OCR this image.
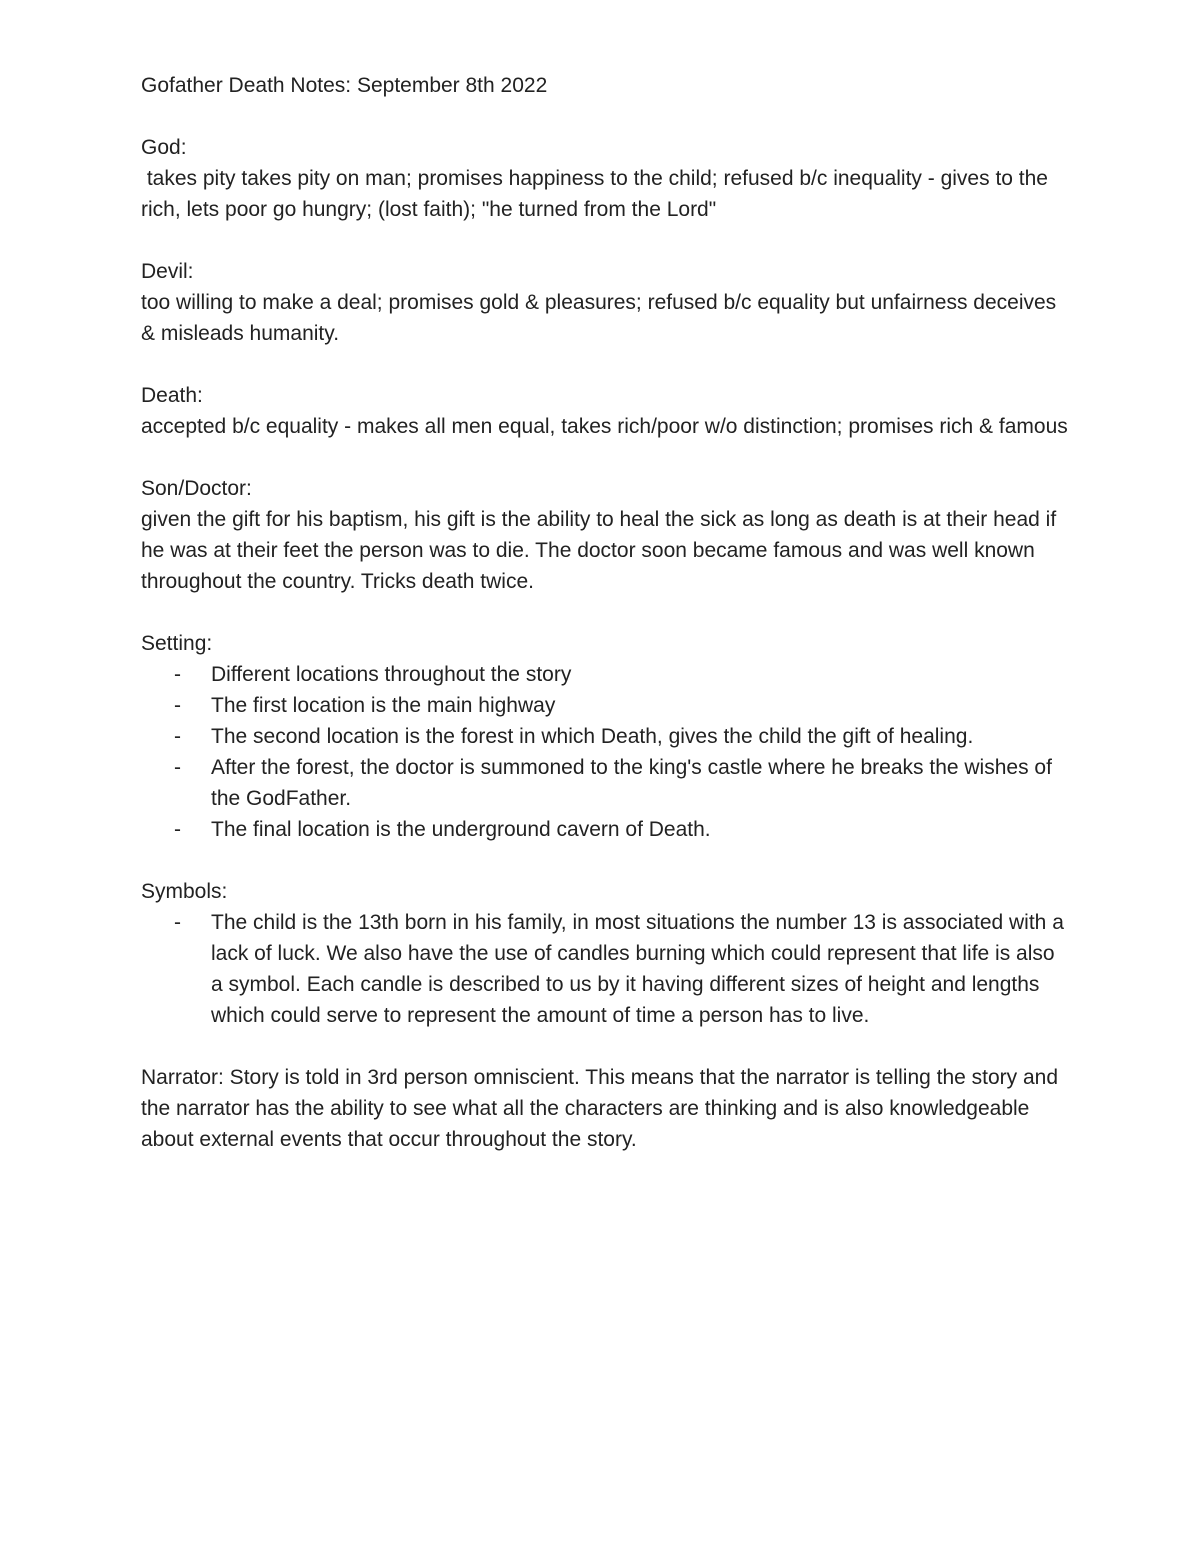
Gofather Death Notes: September 8th 2022
God:
takes pity takes pity on man; promises happiness to the child; refused b/c inequality - gives to the rich, lets poor go hungry; (lost faith); "he turned from the Lord"
Devil:
too willing to make a deal; promises gold & pleasures; refused b/c equality but unfairness deceives & misleads humanity.
Death:
accepted b/c equality - makes all men equal, takes rich/poor w/o distinction; promises rich & famous
Son/Doctor:
given the gift for his baptism, his gift is the ability to heal the sick as long as death is at their head if he was at their feet the person was to die. The doctor soon became famous and was well known throughout the country. Tricks death twice.
Setting:
- Different locations throughout the story
- The first location is the main highway
- The second location is the forest in which Death, gives the child the gift of healing.
- After the forest, the doctor is summoned to the king's castle where he breaks the wishes of the GodFather.
- The final location is the underground cavern of Death.
Symbols:
- The child is the 13th born in his family, in most situations the number 13 is associated with a lack of luck. We also have the use of candles burning which could represent that life is also a symbol. Each candle is described to us by it having different sizes of height and lengths which could serve to represent the amount of time a person has to live.
Narrator: Story is told in 3rd person omniscient. This means that the narrator is telling the story and the narrator has the ability to see what all the characters are thinking and is also knowledgeable about external events that occur throughout the story.
